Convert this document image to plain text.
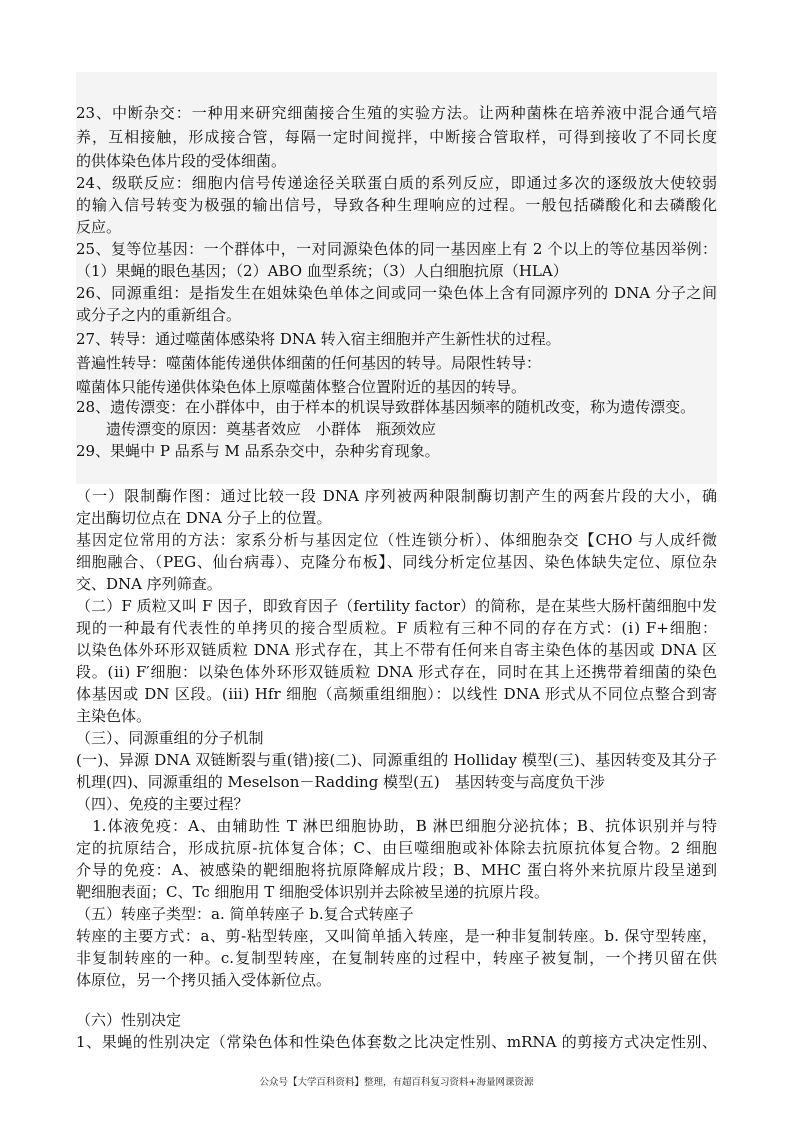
23、中断杂交：一种用来研究细菌接合生殖的实验方法。让两种菌株在培养液中混合通气培
养，互相接触，形成接合管，每隔一定时间搅拌，中断接合管取样，可得到接收了不同长度
的供体染色体片段的受体细菌。
24、级联反应：细胞内信号传递途径关联蛋白质的系列反应，即通过多次的逐级放大使较弱
的输入信号转变为极强的输出信号，导致各种生理响应的过程。一般包括磷酸化和去磷酸化
反应。
25、复等位基因：一个群体中，一对同源染色体的同一基因座上有 2 个以上的等位基因举例：
（1）果蝇的眼色基因；（2）ABO 血型系统；（3）人白细胞抗原（HLA）
26、同源重组：是指发生在姐妹染色单体之间或同一染色体上含有同源序列的 DNA 分子之间
或分子之内的重新组合。
27、转导：通过噬菌体感染将 DNA 转入宿主细胞并产生新性状的过程。
普遍性转导：噬菌体能传递供体细菌的任何基因的转导。局限性转导：
噬菌体只能传递供体染色体上原噬菌体整合位置附近的基因的转导。
28、遗传漂变：在小群体中，由于样本的机误导致群体基因频率的随机改变，称为遗传漂变。
　　遗传漂变的原因：奠基者效应　小群体　瓶颈效应
29、果蝇中 P 品系与 M 品系杂交中，杂种劣育现象。
（一）限制酶作图：通过比较一段 DNA 序列被两种限制酶切割产生的两套片段的大小，确
定出酶切位点在 DNA 分子上的位置。
基因定位常用的方法：家系分析与基因定位（性连锁分析）、体细胞杂交【CHO 与人成纤微
细胞融合、（PEG、仙台病毒）、克隆分布板】、同线分析定位基因、染色体缺失定位、原位杂
交、DNA 序列筛查。
（二）F 质粒又叫 F 因子，即致育因子（fertility factor）的简称，是在某些大肠杆菌细胞中发
现的一种最有代表性的单拷贝的接合型质粒。F 质粒有三种不同的存在方式：(ⅰ) F+细胞：
以染色体外环形双链质粒 DNA 形式存在，其上不带有任何来自寄主染色体的基因或 DNA 区
段。(ⅱ) F′细胞：以染色体外环形双链质粒 DNA 形式存在，同时在其上还携带着细菌的染色
体基因或 DN 区段。(ⅲ) Hfr 细胞（高频重组细胞）：以线性 DNA 形式从不同位点整合到寄
主染色体。
（三）、同源重组的分子机制
(一)、异源 DNA 双链断裂与重(错)接(二)、同源重组的 Holliday 模型(三)、基因转变及其分子
机理(四)、同源重组的 Meselson－Radding 模型(五)　基因转变与高度负干涉
（四）、免疫的主要过程？
　1.体液免疫：A、由辅助性 T 淋巴细胞协助，B 淋巴细胞分泌抗体；B、抗体识别并与特
定的抗原结合，形成抗原-抗体复合体；C、由巨噬细胞或补体除去抗原抗体复合物。2 细胞
介导的免疫：A、被感染的靶细胞将抗原降解成片段；B、MHC 蛋白将外来抗原片段呈递到
靶细胞表面；C、Tc 细胞用 T 细胞受体识别并去除被呈递的抗原片段。
（五）转座子类型：a. 简单转座子 b.复合式转座子
转座的主要方式：a、剪-粘型转座，又叫简单插入转座，是一种非复制转座。b. 保守型转座，
非复制转座的一种。c.复制型转座，在复制转座的过程中，转座子被复制，一个拷贝留在供
体原位，另一个拷贝插入受体新位点。
（六）性别决定
1、果蝇的性别决定（常染色体和性染色体套数之比决定性别、mRNA 的剪接方式决定性别、
公众号【大学百科资料】整理，有超百科复习资料+海量网课资源
